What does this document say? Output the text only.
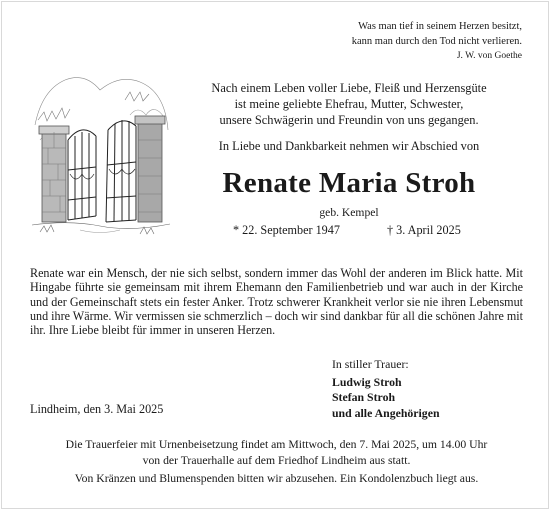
Was man tief in seinem Herzen besitzt,
kann man durch den Tod nicht verlieren.
J. W. von Goethe
Nach einem Leben voller Liebe, Fleiß und Herzensgüte
ist meine geliebte Ehefrau, Mutter, Schwester,
unsere Schwägerin und Freundin von uns gegangen.
In Liebe und Dankbarkeit nehmen wir Abschied von
Renate Maria Stroh
geb. Kempel
* 22. September 1947	† 3. April 2025
Renate war ein Mensch, der nie sich selbst, sondern immer das Wohl der anderen im Blick hatte. Mit Hingabe führte sie gemeinsam mit ihrem Ehemann den Familienbetrieb und war auch in der Kirche und der Gemeinschaft stets ein fester Anker. Trotz schwerer Krankheit verlor sie nie ihren Lebensmut und ihre Wärme. Wir vermissen sie schmerzlich – doch wir sind dankbar für all die schönen Jahre mit ihr. Ihre Liebe bleibt für immer in unseren Herzen.
In stiller Trauer:
Ludwig Stroh
Stefan Stroh
und alle Angehörigen
Lindheim, den 3. Mai 2025
Die Trauerfeier mit Urnenbeisetzung findet am Mittwoch, den 7. Mai 2025, um 14.00 Uhr
von der Trauerhalle auf dem Friedhof Lindheim aus statt.
Von Kränzen und Blumenspenden bitten wir abzusehen. Ein Kondolenzbuch liegt aus.
